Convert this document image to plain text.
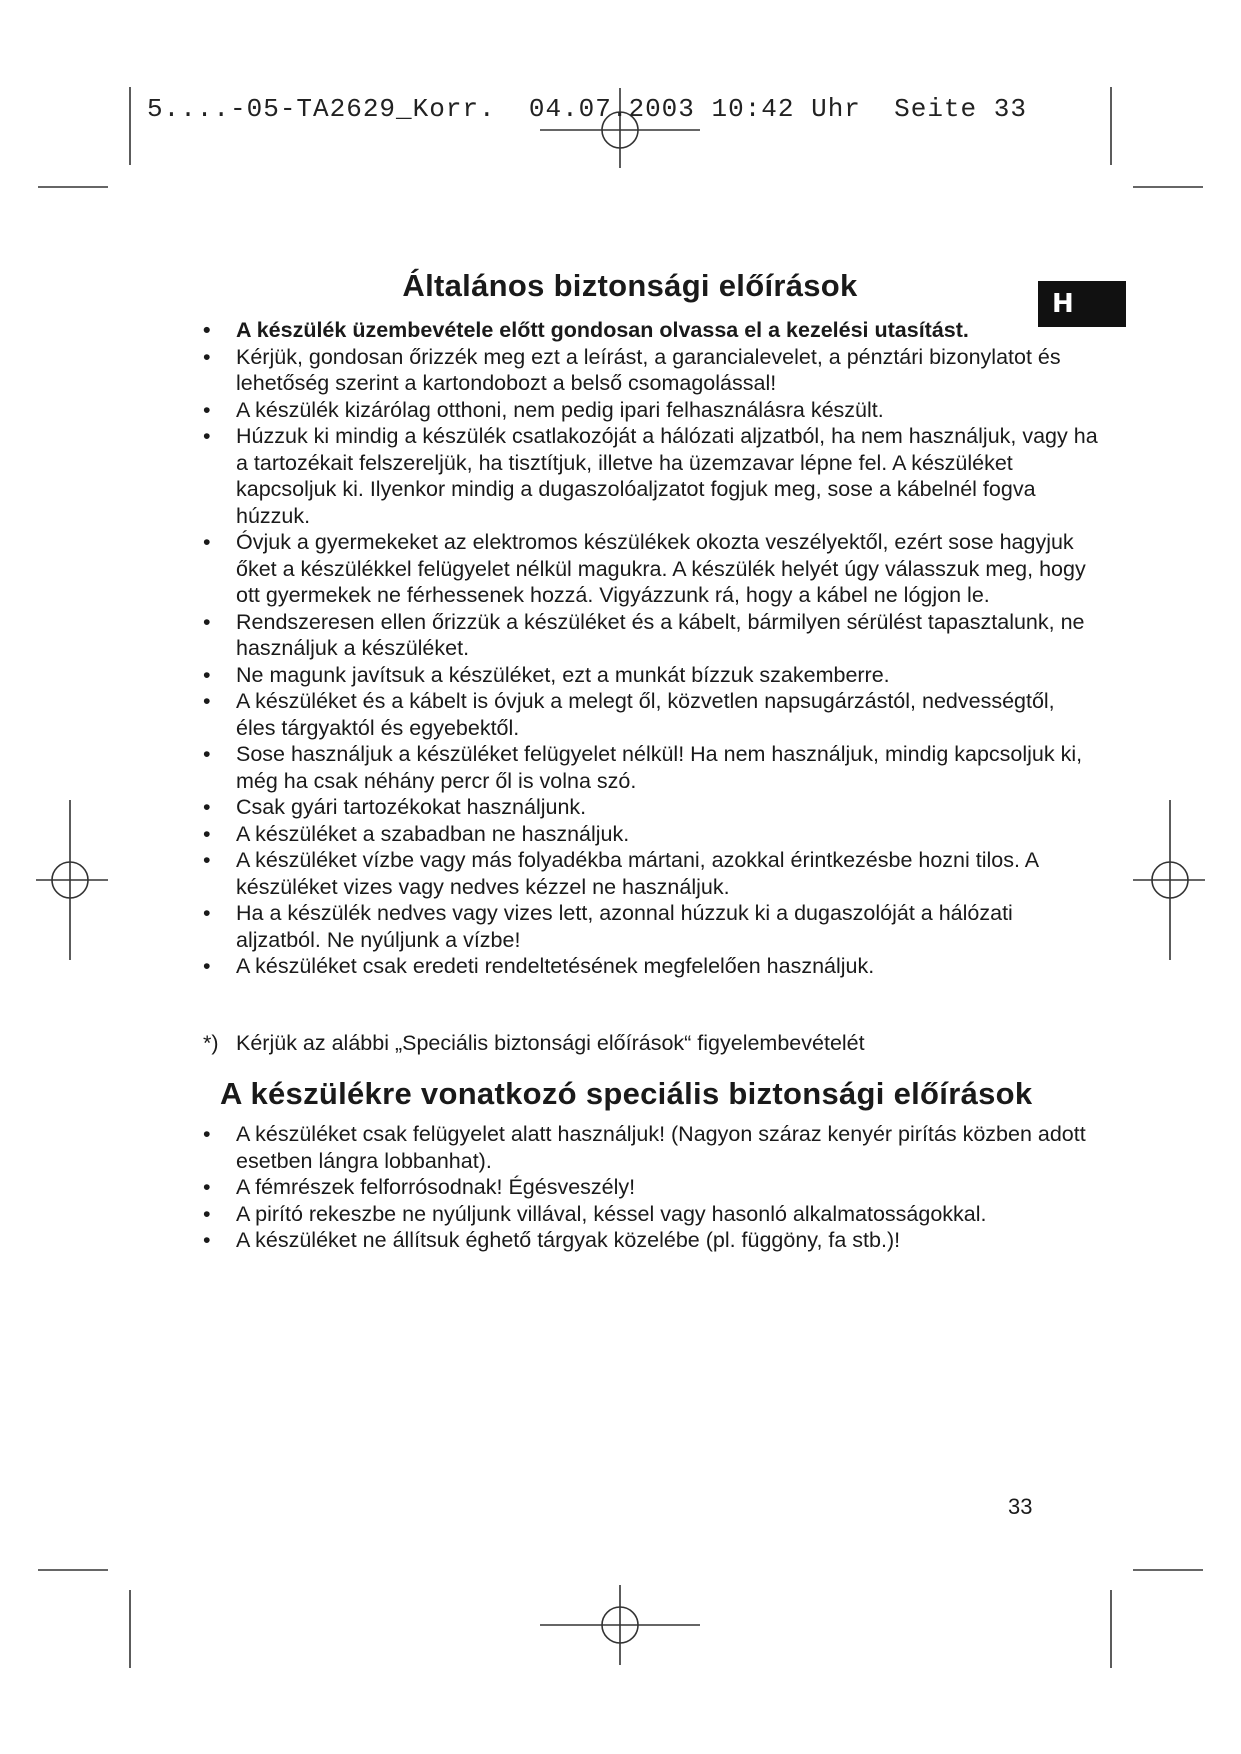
5....-05-TA2629_Korr.  04.07.2003 10:42 Uhr  Seite 33
H
Általános biztonsági előírások
• A készülék üzembevétele előtt gondosan olvassa el a kezelési utasítást.
• Kérjük, gondosan őrizzék meg ezt a leírást, a garancialevelet, a pénztári bizonylatot és lehetőség szerint a kartondobozt a belső csomagolással!
• A készülék kizárólag otthoni, nem pedig ipari felhasználásra készült.
• Húzzuk ki mindig a készülék csatlakozóját a hálózati aljzatból, ha nem használjuk, vagy ha a tartozékait felszereljük, ha tisztítjuk, illetve ha üzemzavar lépne fel. A készüléket kapcsoljuk ki. Ilyenkor mindig a dugaszolóaljzatot fogjuk meg, sose a kábelnél fogva húzzuk.
• Óvjuk a gyermekeket az elektromos készülékek okozta veszélyektől, ezért sose hagyjuk őket a készülékkel felügyelet nélkül magukra. A készülék helyét úgy válasszuk meg, hogy ott gyermekek ne férhessenek hozzá. Vigyázzunk rá, hogy a kábel ne lógjon le.
• Rendszeresen ellen őrizzük a készüléket és a kábelt, bármilyen sérülést tapasztalunk, ne használjuk a készüléket.
• Ne magunk javítsuk a készüléket, ezt a munkát bízzuk szakemberre.
• A készüléket és a kábelt is óvjuk a melegt ől, közvetlen napsugárzástól, nedvességtől, éles tárgyaktól és egyebektől.
• Sose használjuk a készüléket felügyelet nélkül! Ha nem használjuk, mindig kapcsoljuk ki, még ha csak néhány percr ől is volna szó.
• Csak gyári tartozékokat használjunk.
• A készüléket a szabadban ne használjuk.
• A készüléket vízbe vagy más folyadékba mártani, azokkal érintkezésbe hozni tilos. A készüléket vizes vagy nedves kézzel ne használjuk.
• Ha a készülék nedves vagy vizes lett, azonnal húzzuk ki a dugaszolóját a hálózati aljzatból. Ne nyúljunk a vízbe!
• A készüléket csak eredeti rendeltetésének megfelelően használjuk.
*) Kérjük az alábbi „Speciális biztonsági előírások“ figyelembevételét
A készülékre vonatkozó speciális biztonsági előírások
• A készüléket csak felügyelet alatt használjuk! (Nagyon száraz kenyér pirítás közben adott esetben lángra lobbanhat).
• A fémrészek felforrósodnak! Égésveszély!
• A pirító rekeszbe ne nyúljunk villával, késsel vagy hasonló alkalmatosságokkal.
• A készüléket ne állítsuk éghető tárgyak közelébe (pl. függöny, fa stb.)!
33
